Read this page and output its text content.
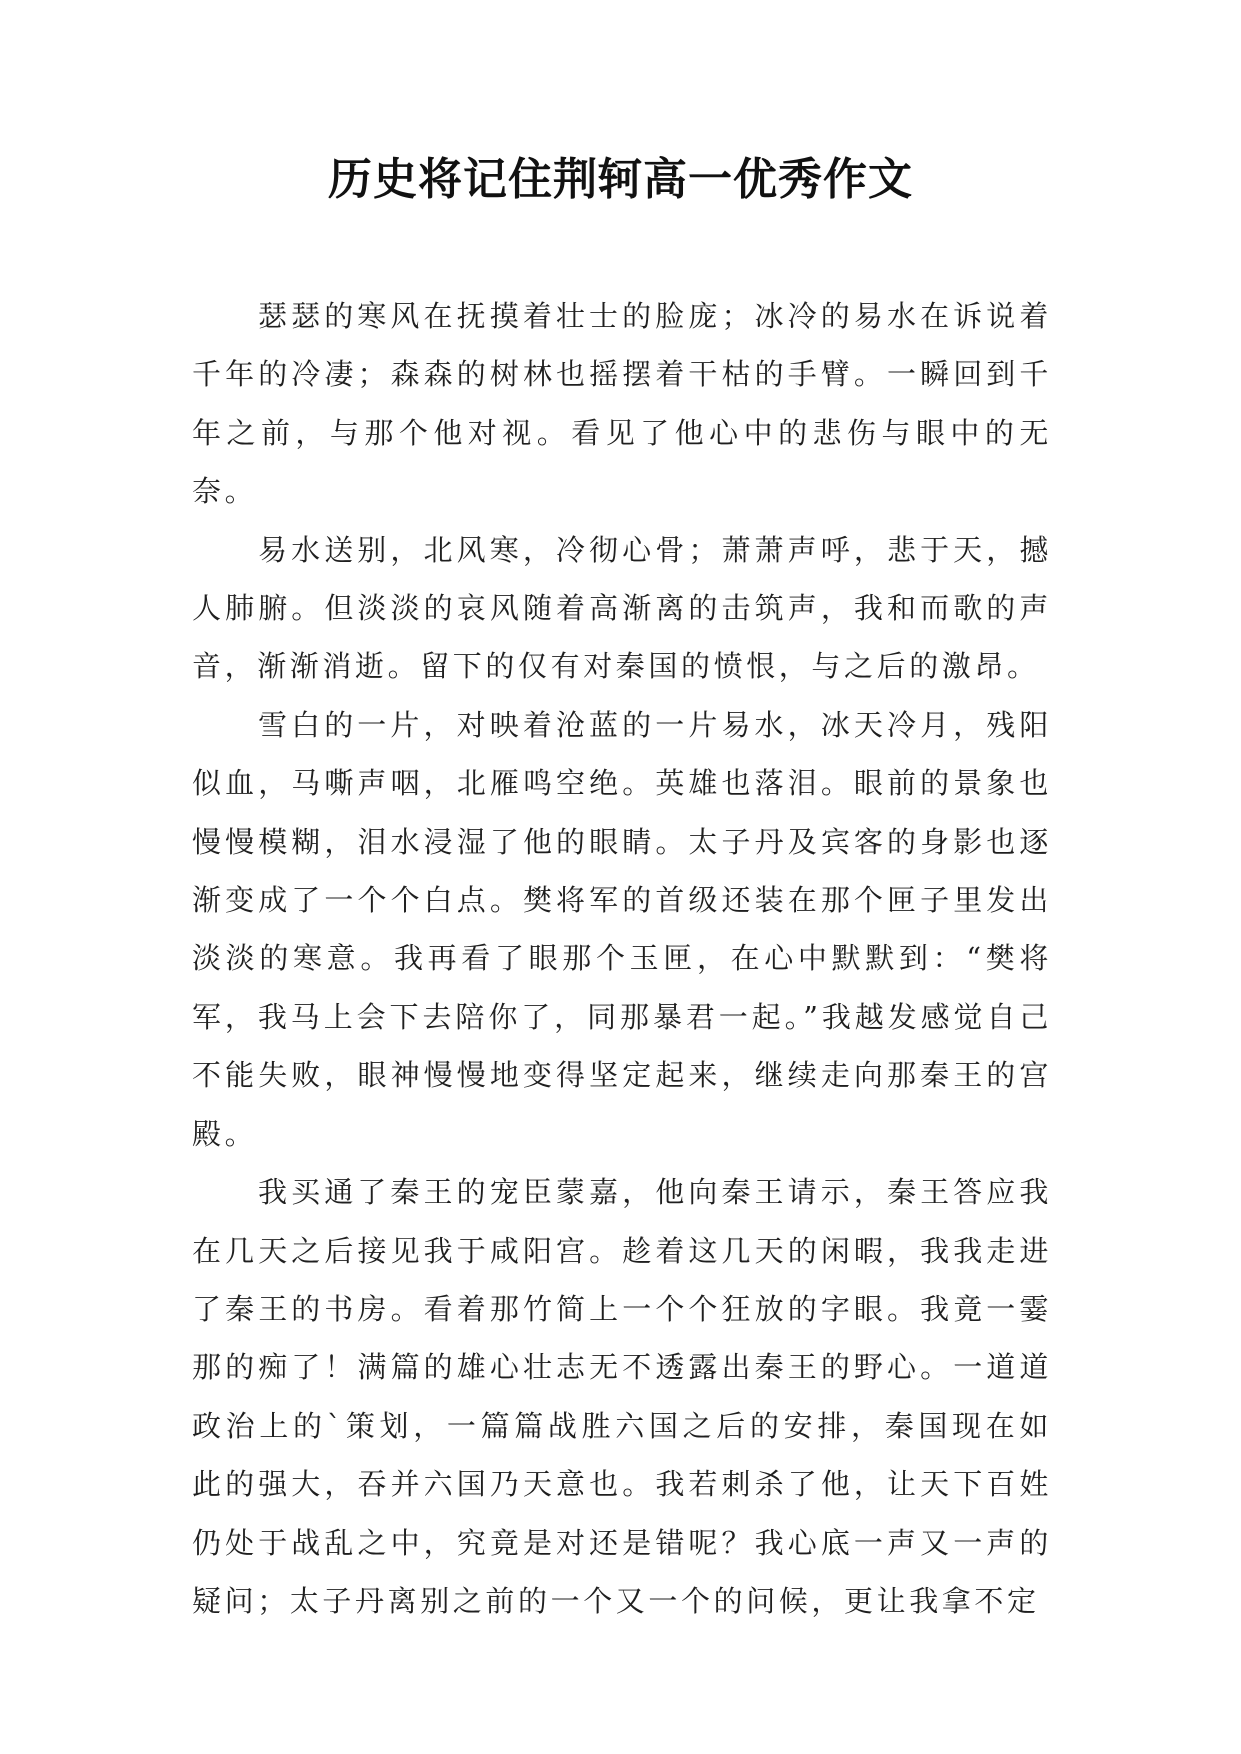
历史将记住荆轲高一优秀作文

瑟瑟的寒风在抚摸着壮士的脸庞；冰冷的易水在诉说着千年的冷凄；森森的树林也摇摆着干枯的手臂。一瞬回到千年之前，与那个他对视。看见了他心中的悲伤与眼中的无奈。

易水送别，北风寒，冷彻心骨；萧萧声呼，悲于天，撼人肺腑。但淡淡的哀风随着高渐离的击筑声，我和而歌的声音，渐渐消逝。留下的仅有对秦国的愤恨，与之后的激昂。

雪白的一片，对映着沧蓝的一片易水，冰天冷月，残阳似血，马嘶声咽，北雁鸣空绝。英雄也落泪。眼前的景象也慢慢模糊，泪水浸湿了他的眼睛。太子丹及宾客的身影也逐渐变成了一个个白点。樊将军的首级还装在那个匣子里发出淡淡的寒意。我再看了眼那个玉匣，在心中默默到：“樊将军，我马上会下去陪你了，同那暴君一起。”我越发感觉自己不能失败，眼神慢慢地变得坚定起来，继续走向那秦王的宫殿。

我买通了秦王的宠臣蒙嘉，他向秦王请示，秦王答应我在几天之后接见我于咸阳宫。趁着这几天的闲暇，我我走进了秦王的书房。看着那竹简上一个个狂放的字眼。我竟一霎那的痴了！满篇的雄心壮志无不透露出秦王的野心。一道道政治上的`策划，一篇篇战胜六国之后的安排，秦国现在如此的强大，吞并六国乃天意也。我若刺杀了他，让天下百姓仍处于战乱之中，究竟是对还是错呢？我心底一声又一声的疑问；太子丹离别之前的一个又一个的问候，更让我拿不定
